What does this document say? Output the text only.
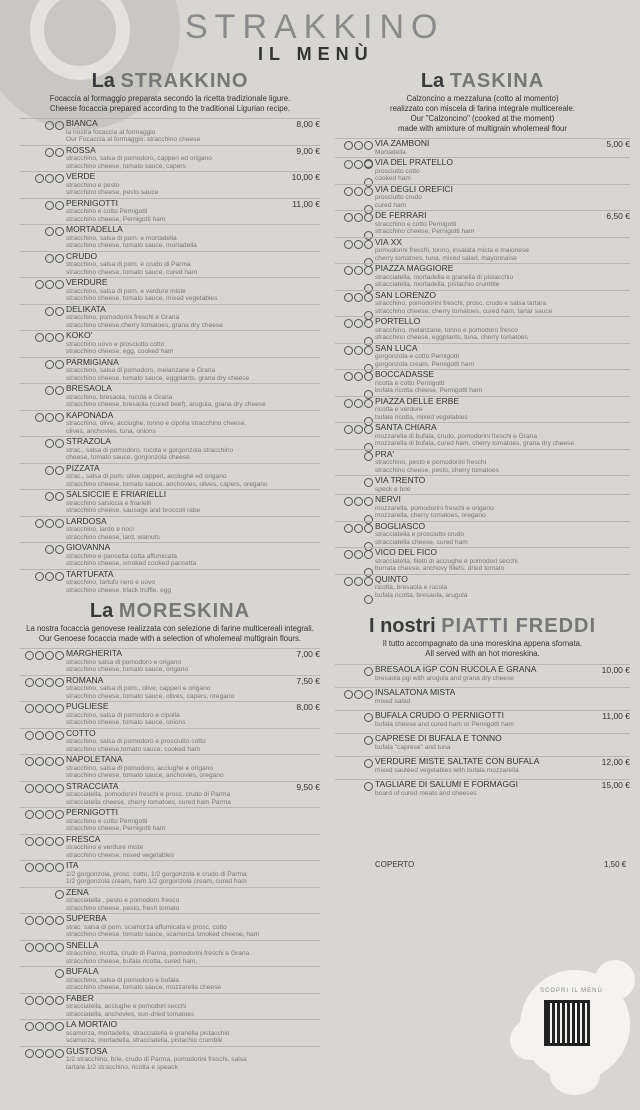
STRAKKINO
IL MENÙ
La STRAKKINO
Focaccia al formaggio preparata secondo la ricetta tradizionale ligure.
Cheese focaccia prepared according to the traditional Ligurian recipe.
BIANCA
la nostra focaccia al formaggio
Our Focaccia al formaggio: stracchino cheese
8,00 €
ROSSA
stracchino, salsa di pomodoro, capperi ed origano
stracchino cheese, tomato sauce, capers
9,00 €
VERDE
stracchino e pesto
stracchino cheese, pesto sauce
10,00 €
PERNIGOTTI
stracchino e cotto Pernigotti
stracchino cheese, Pernigotti ham
11,00 €
MORTADELLA
stracchino, salsa di pom. e mortadella
stracchino cheese, tomato sauce, mortadella
CRUDO
stracchino, salsa di pom. è crudo di Parma
stracchino cheese, tomato sauce, cured ham
VERDURE
stracchino, salsa di pom. e verdure miste
stracchino cheese, tomato sauce, mixed vegetables
DELIKATA
stracchino, pomodorini freschi e Grana
stracchino cheese,cherry tomatoes, grana dry cheese
KOKO'
stracchino uovo e prosciutto cotto
stracchino cheese, egg, cooked ham
PARMIGIANA
stracchino, salsa di pomodoro, melanzane e Grana
stracchino cheese, tomato sauce, eggplants, grana dry cheese
BRESAOLA
stracchino, bresaola, rucola e Grana
stracchino cheese, bresaola (cured beef), arugula, grana dry cheese
KAPONADA
stracchino, olive, acciughe, tonno e cipolla stracchino cheese,
olives, anchovies, tuna, onions
STRAZOLA
strac., salsa di pomodoro, rucola e gorgonzola stracchino
cheese, tomato sauce, gorgonzola cheese
PIZZATA
strac., salsa di pom. olive capperi, acciughe ed origano
stracchino cheese, tomato sauce, anchovies, olives, capers, oregano
SALSICCIE E FRIARIELLI
stracchino salsiccia e friarielli
stracchino cheese, sausage and broccoli rabe
LARDOSA
stracchino, lardo e noci
stracchino cheese, lard, walnuts
GIOVANNA
stracchino e pancetta cotta affumicata
stracchino cheese, smoked cooked pancetta
TARTUFATA
stracchino, tartufo nero e uovo
stracchino cheese, black truffle, egg
La MORESKINA
La nostra focaccia genovese realizzata con selezione di farine multicereali integrali.
Our Genoese focaccia made with a selection of wholemeal multigrain flours.
MARGHERITA
stracchino salsa di pomodoro e origano
stracchino cheese, tomato sauce, origano
7,00 €
ROMANA
stracchino, salsa di pom., olive, capperi e origano
stracchino cheese, tomato sauce, olives, capers, oregano
7,50 €
PUGLIESE
stracchino, salsa di pomodoro e cipolla
stracchino cheese, tomato sauce, onions
8,00 €
COTTO
stracchino, salsa di pomodoro e prosciutto cotto
stracchino cheese,tomato sauce, cooked ham
NAPOLETANA
stracchino, salsa di pomodoro, acciughe e origano
stracchino cheese, tomato sauce, anchovies, oregano
STRACCIATA
stracciatella, pomodorini freschi e prosc. crudo di Parma
stracciatella cheese, cherry tomatoes, cured ham Parma
9,50 €
PERNIGOTTI
stracchino e cotto Pernigotti
stracchino cheese, Pernigotti ham
FRESCA
stracchino e verdure miste
stracchino cheese, mixed vegetables
ITA
1/2 gorgonzola, prosc. cotto, 1/2 gorgonzola e crudo di Parma
1/2 gorgonzola cream, ham 1/2 gorgonzola cream, cured ham
ZENA
stracciatella , pesto e pomodoro fresco
stracchino cheese, pesto, fresh tomato
SUPERBA
strac. salsa di pom. scamorza affumicata e prosc. cotto
stracchino cheese, tomato sauce, scamorza smoked cheese, ham
SNELLA
stracchino, ricotta, crudo di Parma, pomodorini freschi e Grana
stracchino cheese, bufala ricotta, cured ham,
BUFALA
stracchino, salsa di pomodoro e bufala
stracchino cheese, tomato sauce, mozzarella cheese
FABER
stracciatella, acciughe e pomodori secchi
stracciatella, anchovies, sun-dried tomatoes
LA MORTAIO
scamorza, mortadella, stracciatella e granella pistacchio
scamorza, mortadella, stracciatella, pistachio crumble
GUSTOSA
1/2 stracchino, brie, crudo di Parma, pomodorini freschi, salsa
tartare 1/2 stracchino, ricotta e speack
La TASKINA
Calzoncino a mezzaluna (cotto al momento)
realizzato con miscela di farina integrale multicereale.
Our "Calzoncino" (cooked at the moment)
made with amixture of multigrain wholemeal flour
VIA ZAMBONI
Mortadella
5,00 €
VIA DEL PRATELLO
prosciutto cotto
cooked ham
VIA DEGLI OREFICI
prosciutto crudo
cured ham
DE FERRARI
stracchino e cotto Pernigotti
stracchino cheese, Pernigotti ham
6,50 €
VIA XX
pomodorini freschi, tonno, insalata mista e maionese
cherry tomatoes, tuna, mixed salad, mayonnaise
PIAZZA MAGGIORE
stracciatella, mortadella e granella di pistacchio
stracciatella, mortadella, pistachio crumble
SAN LORENZO
stracchino, pomodorini freschi, prosc. crudo e salsa tartara
stracchino cheese, cherry tomatoes, cured ham, tartar sauce
PORTELLO
stracchino, melanzane, tonno e pomodoro fresco
stracchino cheese, eggplants, tuna, cherry tomatoes
SAN LUCA
gorgonzola e cotto Pernigotti
gorgonzola cream, Pernigotti ham
BOCCADASSE
ricotta e cotto Pernigotti
bufala ricotta cheese, Pernigotti ham
PIAZZA DELLE ERBE
ricotta e verdure
bufala ricotta, mixed vegetables
SANTA CHIARA
mozzarella di bufala, crudo, pomodorini freschi e Grana
mozzarella di bufala, cured ham, cherry tomatoes, grana dry cheese
PRA'
stracchino, pesto e pomodorini freschi
stracchino cheese, pesto, cherry tomatoes
VIA TRENTO
speck e brie
NERVI
mozzarella, pomodorini freschi e origano
mozzarella, cherry tomatoes, oregano
BOGLIASCO
stracciatella e prosciutto crudo
stracciatella cheese, cured ham
VICO DEL FICO
stracciatella, filetti di acciughe e pomodori secchi
burrata cheese, anchovy fillets, dried tomato
QUINTO
ricotta, bresaola e rucola
bufala ricotta, bresaola, arugula
I nostri PIATTI FREDDI
Il tutto accompagnato da una moreskina appena sfornata.
All served with an hot moreskina.
BRESAOLA IGP CON RUCOLA E GRANA
bresaola pgi with arugula and grana dry cheese
10,00 €
INSALATONA MISTA
mixed salad
BUFALA CRUDO O PERNIGOTTI
bufala cheese and cured ham or Pernigotti ham
11,00 €
CAPRESE DI BUFALA E TONNO
bufala "caprese" and tuna
VERDURE MISTE SALTATE CON BUFALA
mixed sautéed vegetables with bufala mozzarella
12,00 €
TAGLIARE DI SALUMI E FORMAGGI
board of cured meats and cheeses
15,00 €
COPERTO	1,50 €
SCOPRI IL MENÙ
